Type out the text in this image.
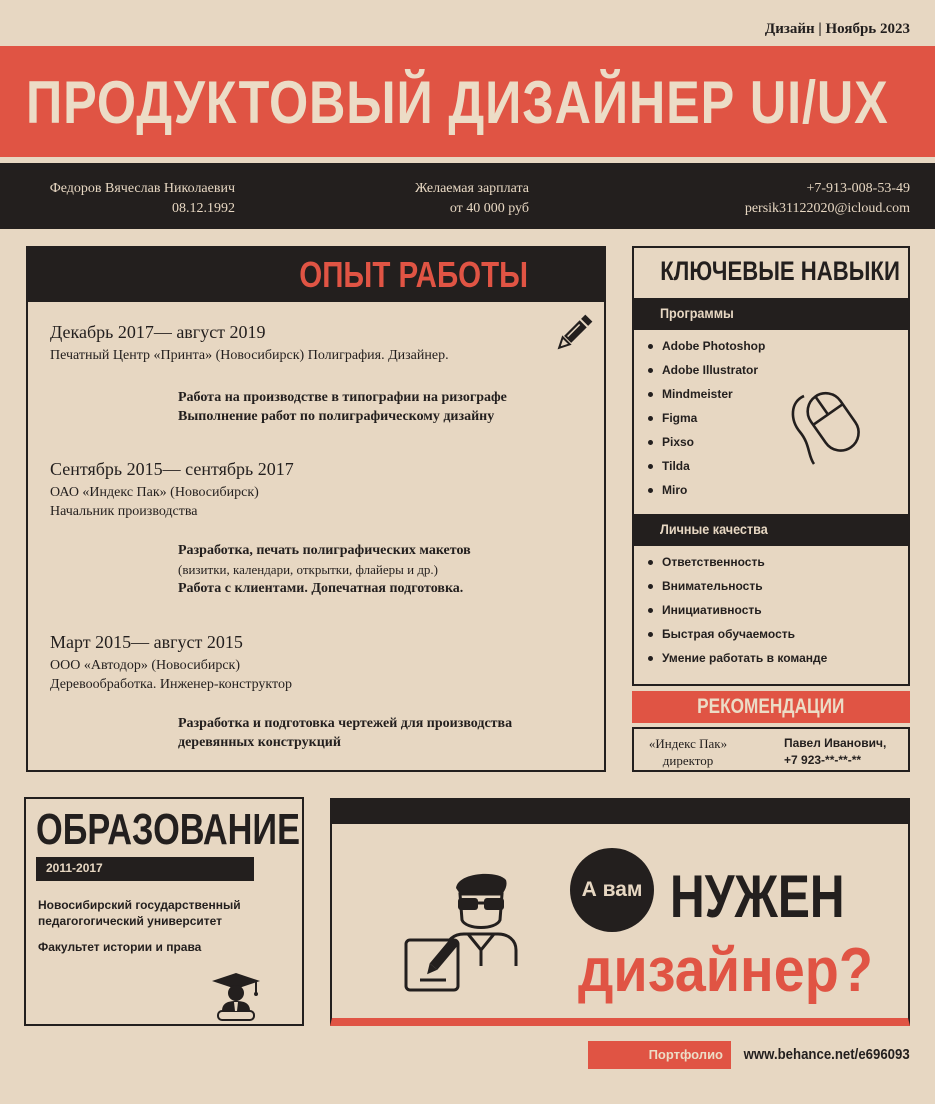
Дизайн | Ноябрь 2023
ПРОДУКТОВЫЙ ДИЗАЙНЕР UI/UX
Федоров Вячеслав Николаевич
08.12.1992
Желаемая зарплата
от 40 000 руб
+7-913-008-53-49
persik31122020@icloud.com
ОПЫТ РАБОТЫ
Декабрь 2017— август 2019
Печатный Центр «Принта» (Новосибирск) Полиграфия. Дизайнер.
Работа на производстве в типографии на ризографе
Выполнение работ по полиграфическому дизайну
Сентябрь 2015— сентябрь 2017
ОАО «Индекс Пак» (Новосибирск)
Начальник производства
Разработка, печать полиграфических макетов
(визитки, календари, открытки, флайеры и др.)
Работа с клиентами. Допечатная подготовка.
Март 2015— август 2015
ООО «Автодор» (Новосибирск)
Деревообработка. Инженер-конструктор
Разработка и подготовка чертежей для производства
деревянных конструкций
КЛЮЧЕВЫЕ НАВЫКИ
Программы
Adobe Photoshop
Adobe Illustrator
Mindmeister
Figma
Pixso
Tilda
Miro
Личные качества
Ответственность
Внимательность
Инициативность
Быстрая обучаемость
Умение работать в команде
РЕКОМЕНДАЦИИ
«Индекс Пак»
директор
Павел Иванович,
+7 923-**-**-**
ОБРАЗОВАНИЕ
2011-2017
Новосибирский государственный
педагогогический университет
Факультет истории и права
А вам НУЖЕН
дизайнер?
Портфолио www.behance.net/e696093
